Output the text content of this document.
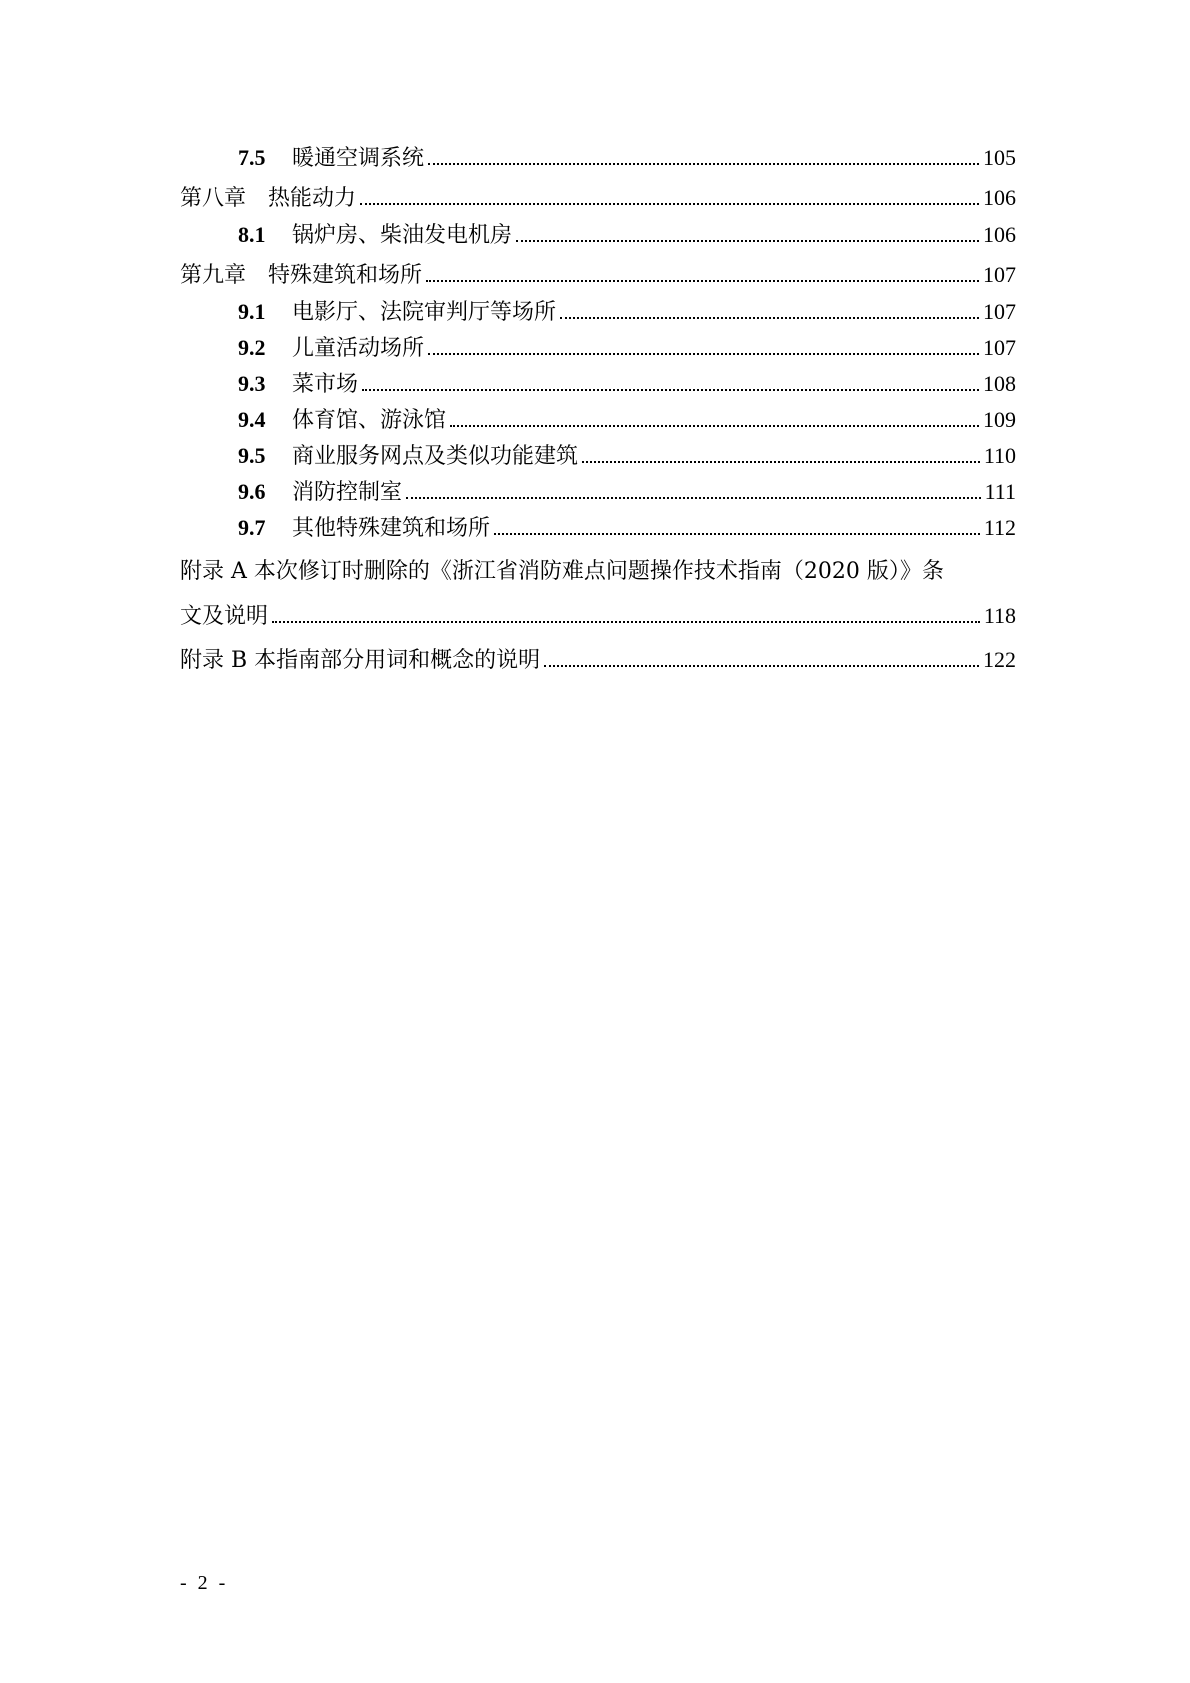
7.5	暖通空调系统	105
第八章　热能动力	106
8.1	锅炉房、柴油发电机房	106
第九章　特殊建筑和场所	107
9.1	电影厅、法院审判厅等场所	107
9.2	儿童活动场所	107
9.3	菜市场	108
9.4	体育馆、游泳馆	109
9.5	商业服务网点及类似功能建筑	110
9.6	消防控制室	111
9.7	其他特殊建筑和场所	112
附录 A 本次修订时删除的《浙江省消防难点问题操作技术指南（2020 版）》条
文及说明	118
附录 B 本指南部分用词和概念的说明	122
- 2 -
